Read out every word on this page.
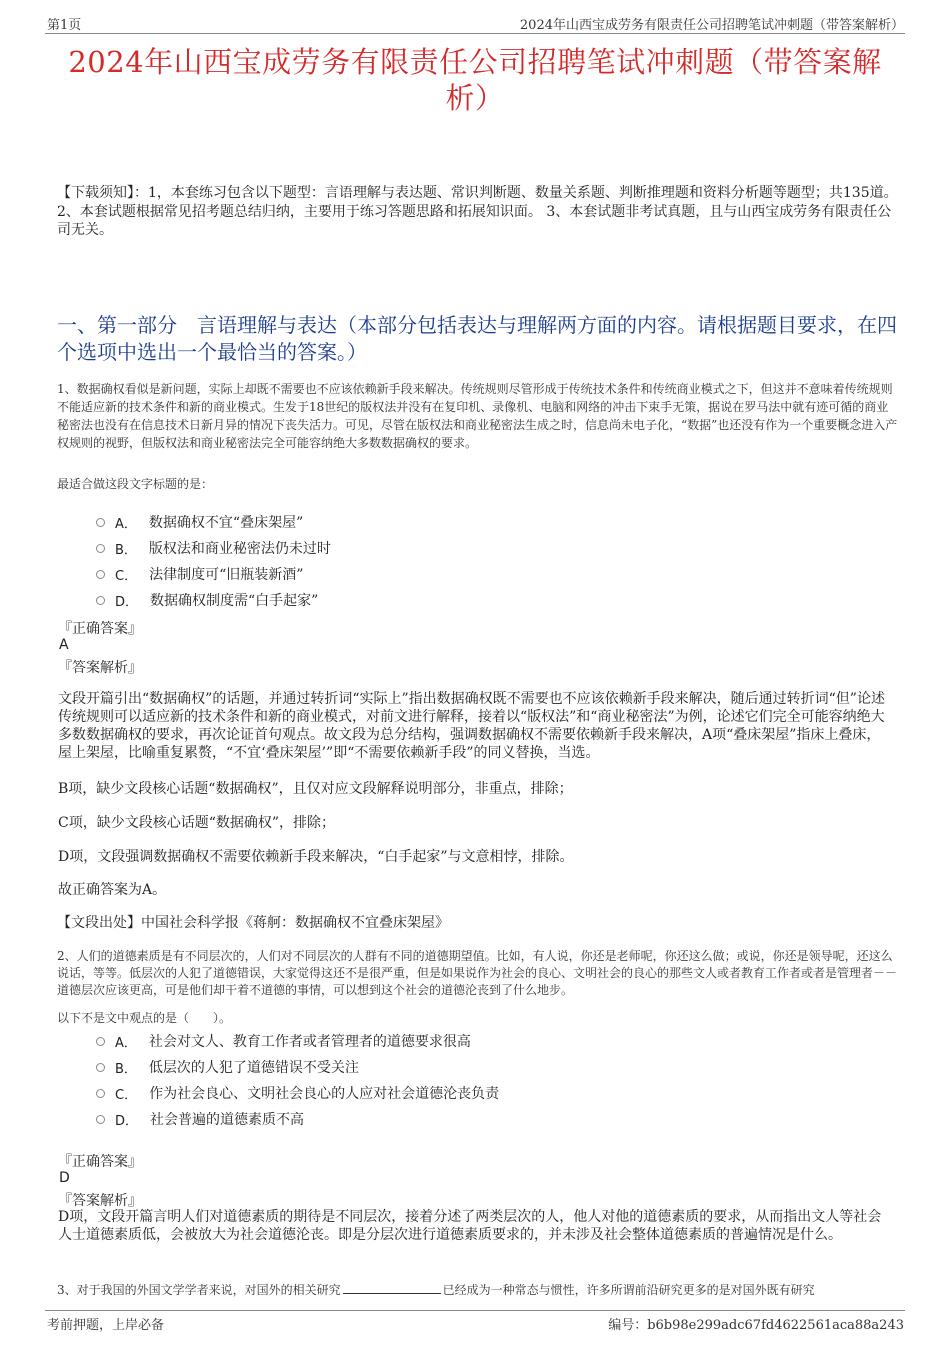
第1页	2024年山西宝成劳务有限责任公司招聘笔试冲刺题（带答案解析）
2024年山西宝成劳务有限责任公司招聘笔试冲刺题（带答案解析）
【下载须知】：1，本套练习包含以下题型：言语理解与表达题、常识判断题、数量关系题、判断推理题和资料分析题等题型；共135道。 2、本套试题根据常见招考题总结归纳，主要用于练习答题思路和拓展知识面。 3、本套试题非考试真题，且与山西宝成劳务有限责任公司无关。
一、第一部分　言语理解与表达（本部分包括表达与理解两方面的内容。请根据题目要求，在四个选项中选出一个最恰当的答案。）
1、数据确权看似是新问题，实际上却既不需要也不应该依赖新手段来解决。传统规则尽管形成于传统技术条件和传统商业模式之下，但这并不意味着传统规则不能适应新的技术条件和新的商业模式。生发于18世纪的版权法并没有在复印机、录像机、电脑和网络的冲击下束手无策，据说在罗马法中就有迹可循的商业秘密法也没有在信息技术日新月异的情况下丧失活力。可见，尽管在版权法和商业秘密法生成之时，信息尚未电子化，“数据”也还没有作为一个重要概念进入产权规则的视野，但版权法和商业秘密法完全可能容纳绝大多数数据确权的要求。
最适合做这段文字标题的是：
A． 数据确权不宜“叠床架屋”
B． 版权法和商业秘密法仍未过时
C． 法律制度可“旧瓶装新酒”
D． 数据确权制度需“白手起家”
『正确答案』
A
『答案解析』
文段开篇引出“数据确权”的话题，并通过转折词“实际上”指出数据确权既不需要也不应该依赖新手段来解决，随后通过转折词“但”论述传统规则可以适应新的技术条件和新的商业模式，对前文进行解释，接着以“版权法”和“商业秘密法”为例，论述它们完全可能容纳绝大多数数据确权的要求，再次论证首句观点。故文段为总分结构，强调数据确权不需要依赖新手段来解决，A项“叠床架屋”指床上叠床，屋上架屋，比喻重复累赘，“不宜‘叠床架屋’”即“不需要依赖新手段”的同义替换，当选。
B项，缺少文段核心话题“数据确权”，且仅对应文段解释说明部分，非重点，排除；
C项，缺少文段核心话题“数据确权”，排除；
D项，文段强调数据确权不需要依赖新手段来解决，“白手起家”与文意相悖，排除。
故正确答案为A。
【文段出处】中国社会科学报《蒋舸：数据确权不宜叠床架屋》
2、人们的道德素质是有不同层次的，人们对不同层次的人群有不同的道德期望值。比如，有人说，你还是老师呢，你还这么做；或说，你还是领导呢，还这么说话，等等。低层次的人犯了道德错误，大家觉得这还不是很严重，但是如果说作为社会的良心、文明社会的良心的那些文人或者教育工作者或者是管理者－－道德层次应该更高，可是他们却干着不道德的事情，可以想到这个社会的道德沦丧到了什么地步。
以下不是文中观点的是（　　）。
A． 社会对文人、教育工作者或者管理者的道德要求很高
B． 低层次的人犯了道德错误不受关注
C． 作为社会良心、文明社会良心的人应对社会道德沦丧负责
D． 社会普遍的道德素质不高
『正确答案』
D
『答案解析』
D项，文段开篇言明人们对道德素质的期待是不同层次，接着分述了两类层次的人，他人对他的道德素质的要求，从而指出文人等社会人士道德素质低，会被放大为社会道德沦丧。即是分层次进行道德素质要求的，并未涉及社会整体道德素质的普遍情况是什么。
3、对于我国的外国文学学者来说，对国外的相关研究	已经成为一种常态与惯性，许多所谓前沿研究更多的是对国外既有研究
考前押题，上岸必备	编号：b6b98e299adc67fd4622561aca88a243
